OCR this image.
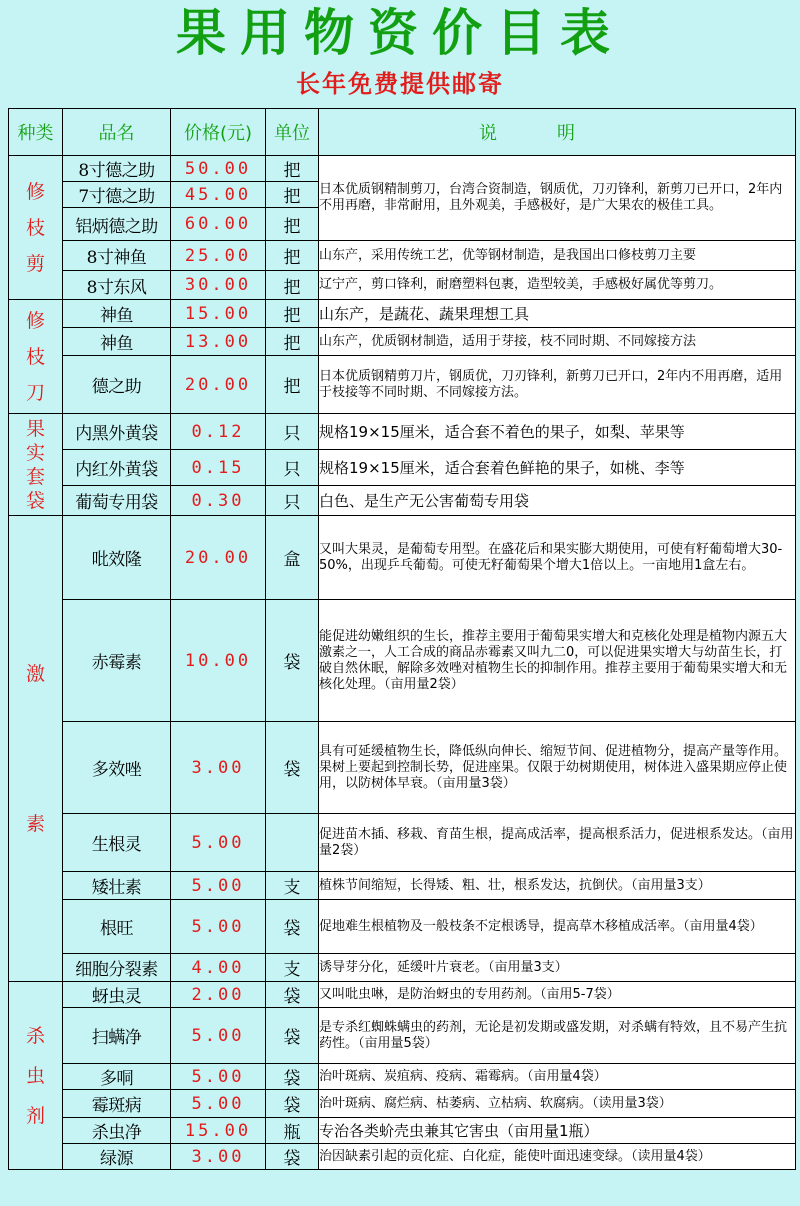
果用物资价目表
长年免费提供邮寄
种类	品名	价格(元)	单位	说明

修枝剪	8寸德之助	50.00	把	日本优质钢精制剪刀，台湾合资制造，钢质优，刀刃锋利，新剪刀已开口，2年内不用再磨，非常耐用，且外观美，手感极好，是广大果农的极佳工具。
	7寸德之助	45.00	把	
	铝炳德之助	60.00	把	
	8寸神鱼	25.00	把	山东产，采用传统工艺，优等钢材制造，是我国出口修枝剪刀主要
	8寸东风	30.00	把	辽宁产，剪口锋利，耐磨塑料包裹，造型较美，手感极好属优等剪刀。

修枝刀	神鱼	15.00	把	山东产，是蔬花、蔬果理想工具
	神鱼	13.00	把	山东产，优质钢材制造，适用于芽接，枝不同时期、不同嫁接方法
	德之助	20.00	把	日本优质钢精剪刀片，钢质优，刀刃锋利，新剪刀已开口，2年内不用再磨，适用于枝接等不同时期、不同嫁接方法。

果实套袋	内黑外黄袋	0.12	只	规格19×15厘米，适合套不着色的果子，如梨、苹果等
	内红外黄袋	0.15	只	规格19×15厘米，适合套着色鲜艳的果子，如桃、李等
	葡萄专用袋	0.30	只	白色、是生产无公害葡萄专用袋

激素	吡效隆	20.00	盒	又叫大果灵，是葡萄专用型。在盛花后和果实膨大期使用，可使有籽葡萄增大30-50%，出现乒乓葡萄。可使无籽葡萄果个增大1倍以上。一亩地用1盒左右。
	赤霉素	10.00	袋	能促进幼嫩组织的生长，推荐主要用于葡萄果实增大和克核化处理是植物内源五大激素之一，人工合成的商品赤霉素又叫九二0，可以促进果实增大与幼苗生长，打破自然休眠，解除多效唑对植物生长的抑制作用。推荐主要用于葡萄果实增大和无核化处理。（亩用量2袋）
	多效唑	3.00	袋	具有可延缓植物生长，降低纵向伸长、缩短节间、促进植物分，提高产量等作用。果树上要起到控制长势，促进座果。仅限于幼树期使用，树体进入盛果期应停止使用，以防树体早衰。（亩用量3袋）
	生根灵	5.00		促进苗木插、移栽、育苗生根，提高成活率，提高根系活力，促进根系发达。（亩用量2袋）
	矮壮素	5.00	支	植株节间缩短，长得矮、粗、壮，根系发达，抗倒伏。（亩用量3支）
	根旺	5.00	袋	促地难生根植物及一般枝条不定根诱导，提高草木移植成活率。（亩用量4袋）
	细胞分裂素	4.00	支	诱导芽分化，延缓叶片衰老。（亩用量3支）

杀虫剂	蚜虫灵	2.00	袋	又叫吡虫啉，是防治蚜虫的专用药剂。（亩用5-7袋）
	扫螨净	5.00	袋	是专杀红蜘蛛螨虫的药剂，无论是初发期或盛发期，对杀螨有特效，且不易产生抗药性。（亩用量5袋）
	多哃	5.00	袋	治叶斑病、炭疽病、疫病、霜霉病。（亩用量4袋）
	霉斑病	5.00	袋	治叶斑病、腐烂病、枯萎病、立枯病、软腐病。（读用量3袋）
	杀虫净	15.00	瓶	专治各类蚧壳虫兼其它害虫（亩用量1瓶）
	绿源	3.00	袋	治因缺素引起的贡化症、白化症，能使叶面迅速变绿。（读用量4袋）
